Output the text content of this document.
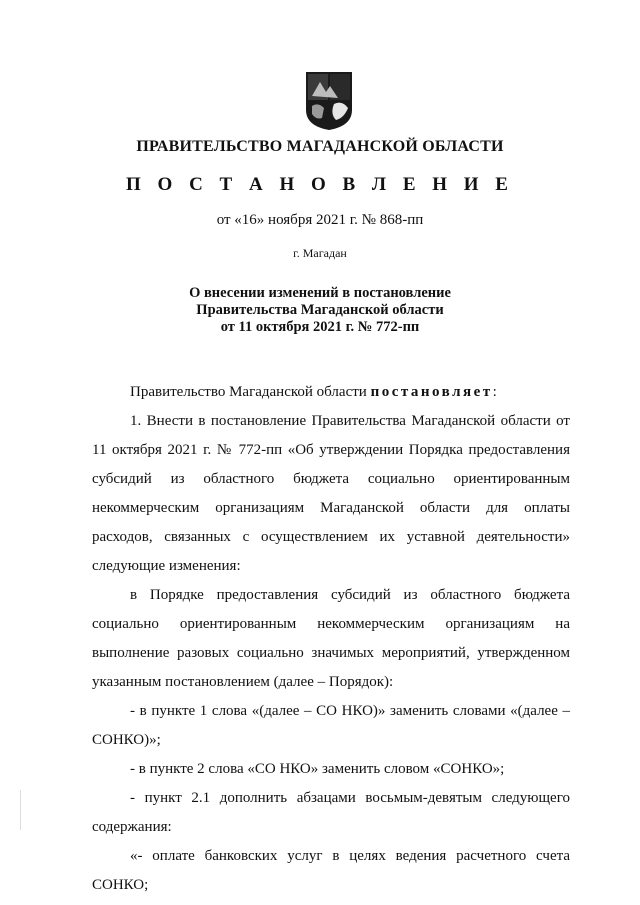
ПРАВИТЕЛЬСТВО МАГАДАНСКОЙ ОБЛАСТИ
П О С Т А Н О В Л Е Н И Е
от «16» ноября 2021 г. № 868-пп
г. Магадан
О внесении изменений в постановление
Правительства Магаданской области
от 11 октября 2021 г. № 772-пп

Правительство Магаданской области постановляет:

1. Внести в постановление Правительства Магаданской области от 11 октября 2021 г. № 772-пп «Об утверждении Порядка предоставления субсидий из областного бюджета социально ориентированным некоммерческим организациям Магаданской области для оплаты расходов, связанных с осуществлением их уставной деятельности» следующие изменения:

в Порядке предоставления субсидий из областного бюджета социально ориентированным некоммерческим организациям на выполнение разовых социально значимых мероприятий, утвержденном указанным постановлением (далее – Порядок):

- в пункте 1 слова «(далее – СО НКО)» заменить словами «(далее – СОНКО)»;

- в пункте 2 слова «СО НКО» заменить словом «СОНКО»;

- пункт 2.1 дополнить абзацами восьмым-девятым следующего содержания:

«- оплате банковских услуг в целях ведения расчетного счета СОНКО;
